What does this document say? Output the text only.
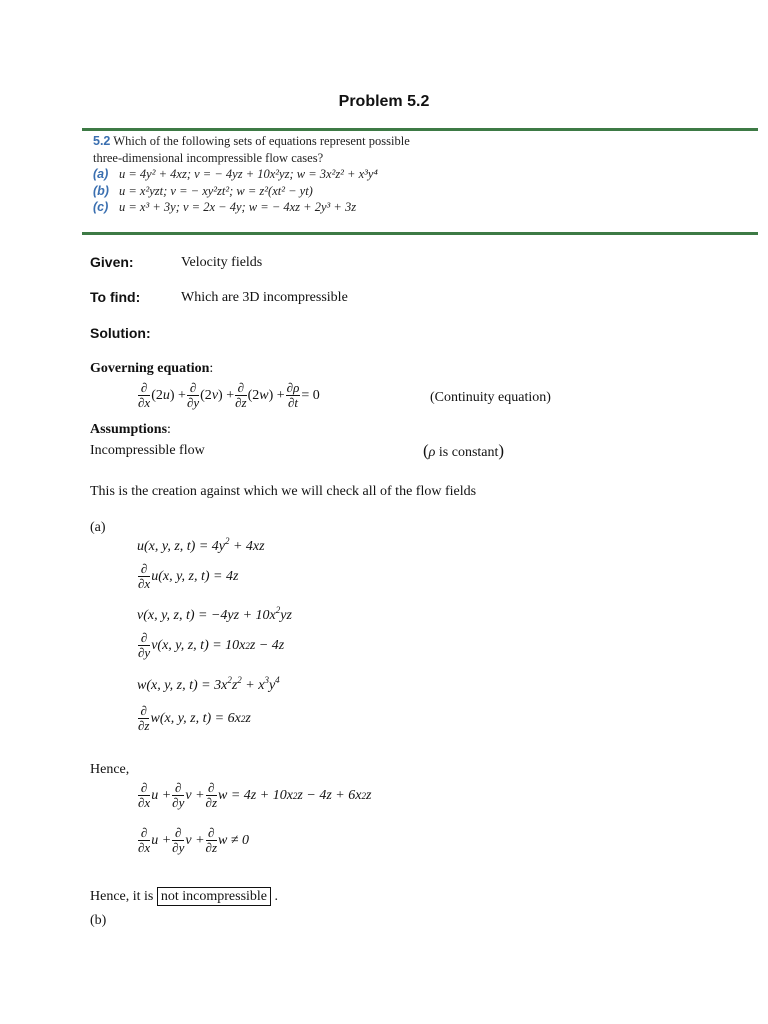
Problem 5.2
5.2 Which of the following sets of equations represent possible
three-dimensional incompressible flow cases?
(a) u = 4y² + 4xz; v = − 4yz + 10x²yz; w = 3x²z² + x³y⁴
(b) u = x²yzt; v = − xy²zt²; w = z²(xt² − yt)
(c) u = x³ + 3y; v = 2x − 4y; w = − 4xz + 2y³ + 3z
Given:	Velocity fields
To find:	Which are 3D incompressible
Solution:
Governing equation:
$\frac{\partial}{\partial x} (2$ u ) + $\frac{\partial}{\partial y} (2$ v ) + $\frac{\partial}{\partial z} (2$ w ) + $\frac{\partial\rho}{\partial t} = 0$	(Continuity equation)
Assumptions:
Incompressible flow	(ρ is constant)
This is the creation against which we will check all of the flow fields
(a)
u(x, y, z, $t) = 4y^2 + 4xz$
$\frac{\partial}{\partial x} u(x$, y, z, t) = 4z
v(x, y, z, $t) = -4yz + 10x^2yz$
$\frac{\partial}{\partial y} v(x$, y, z, t) = 10x 2 z − 4z
w(x, y, z, $t) = 3x^2z^2 + x^3y^4$
$\frac{\partial}{\partial z} w(x$, y, z, t) = 6x 2 z
Hence,
$\frac{\partial}{\partial x}$ $u + \frac{\partial}{\partial y}$ $v + \frac{\partial}{\partial z}$ w = 4z + 10x 2 z − 4z + 6x 2 z
$\frac{\partial}{\partial x}$ $u + \frac{\partial}{\partial y}$ $v + \frac{\partial}{\partial z}$ w ≠ 0
Hence, it is not incompressible .
(b)
